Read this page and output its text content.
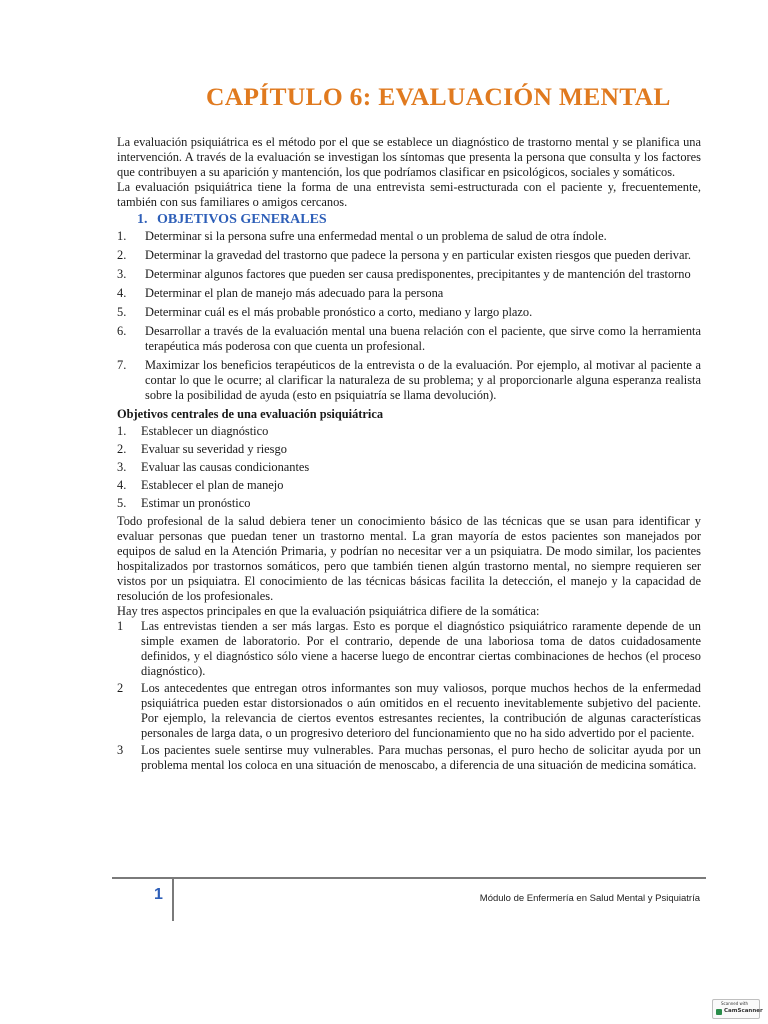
CAPÍTULO 6: EVALUACIÓN MENTAL

La evaluación psiquiátrica es el método por el que se establece un diagnóstico de trastorno mental y se planifica una intervención. A través de la evaluación se investigan los síntomas que presenta la persona que consulta y los factores que contribuyen a su aparición y mantención, los que podríamos clasificar en psicológicos, sociales y somáticos.

La evaluación psiquiátrica tiene la forma de una entrevista semi-estructurada con el paciente y, frecuentemente, también con sus familiares o amigos cercanos.

1. OBJETIVOS GENERALES
1. Determinar si la persona sufre una enfermedad mental o un problema de salud de otra índole.
2. Determinar la gravedad del trastorno que padece la persona y en particular existen riesgos que pueden derivar.
3. Determinar algunos factores que pueden ser causa predisponentes, precipitantes y de mantención del trastorno
4. Determinar el plan de manejo más adecuado para la persona
5. Determinar cuál es el más probable pronóstico a corto, mediano y largo plazo.
6. Desarrollar a través de la evaluación mental una buena relación con el paciente, que sirve como la herramienta terapéutica más poderosa con que cuenta un profesional.
7. Maximizar los beneficios terapéuticos de la entrevista o de la evaluación. Por ejemplo, al motivar al paciente a contar lo que le ocurre; al clarificar la naturaleza de su problema; y al proporcionarle alguna esperanza realista sobre la posibilidad de ayuda (esto en psiquiatría se llama devolución).
Objetivos centrales de una evaluación psiquiátrica
1. Establecer un diagnóstico
2. Evaluar su severidad y riesgo
3. Evaluar las causas condicionantes
4. Establecer el plan de manejo
5. Estimar un pronóstico

Todo profesional de la salud debiera tener un conocimiento básico de las técnicas que se usan para identificar y evaluar personas que puedan tener un trastorno mental. La gran mayoría de estos pacientes son manejados por equipos de salud en la Atención Primaria, y podrían no necesitar ver a un psiquiatra. De modo similar, los pacientes hospitalizados por trastornos somáticos, pero que también tienen algún trastorno mental, no siempre requieren ser vistos por un psiquiatra. El conocimiento de las técnicas básicas facilita la detección, el manejo y la capacidad de resolución de los profesionales.

Hay tres aspectos principales en que la evaluación psiquiátrica difiere de la somática:

1 Las entrevistas tienden a ser más largas. Esto es porque el diagnóstico psiquiátrico raramente depende de un simple examen de laboratorio. Por el contrario, depende de una laboriosa toma de datos cuidadosamente definidos, y el diagnóstico sólo viene a hacerse luego de encontrar ciertas combinaciones de hechos (el proceso diagnóstico).
2 Los antecedentes que entregan otros informantes son muy valiosos, porque muchos hechos de la enfermedad psiquiátrica pueden estar distorsionados o aún omitidos en el recuento inevitablemente subjetivo del paciente. Por ejemplo, la relevancia de ciertos eventos estresantes recientes, la contribución de algunas características personales de larga data, o un progresivo deterioro del funcionamiento que no ha sido advertido por el paciente.
3 Los pacientes suele sentirse muy vulnerables. Para muchas personas, el puro hecho de solicitar ayuda por un problema mental los coloca en una situación de menoscabo, a diferencia de una situación de medicina somática.
1	Módulo de Enfermería en Salud Mental y Psiquiatría
Scanned with
CamScanner
